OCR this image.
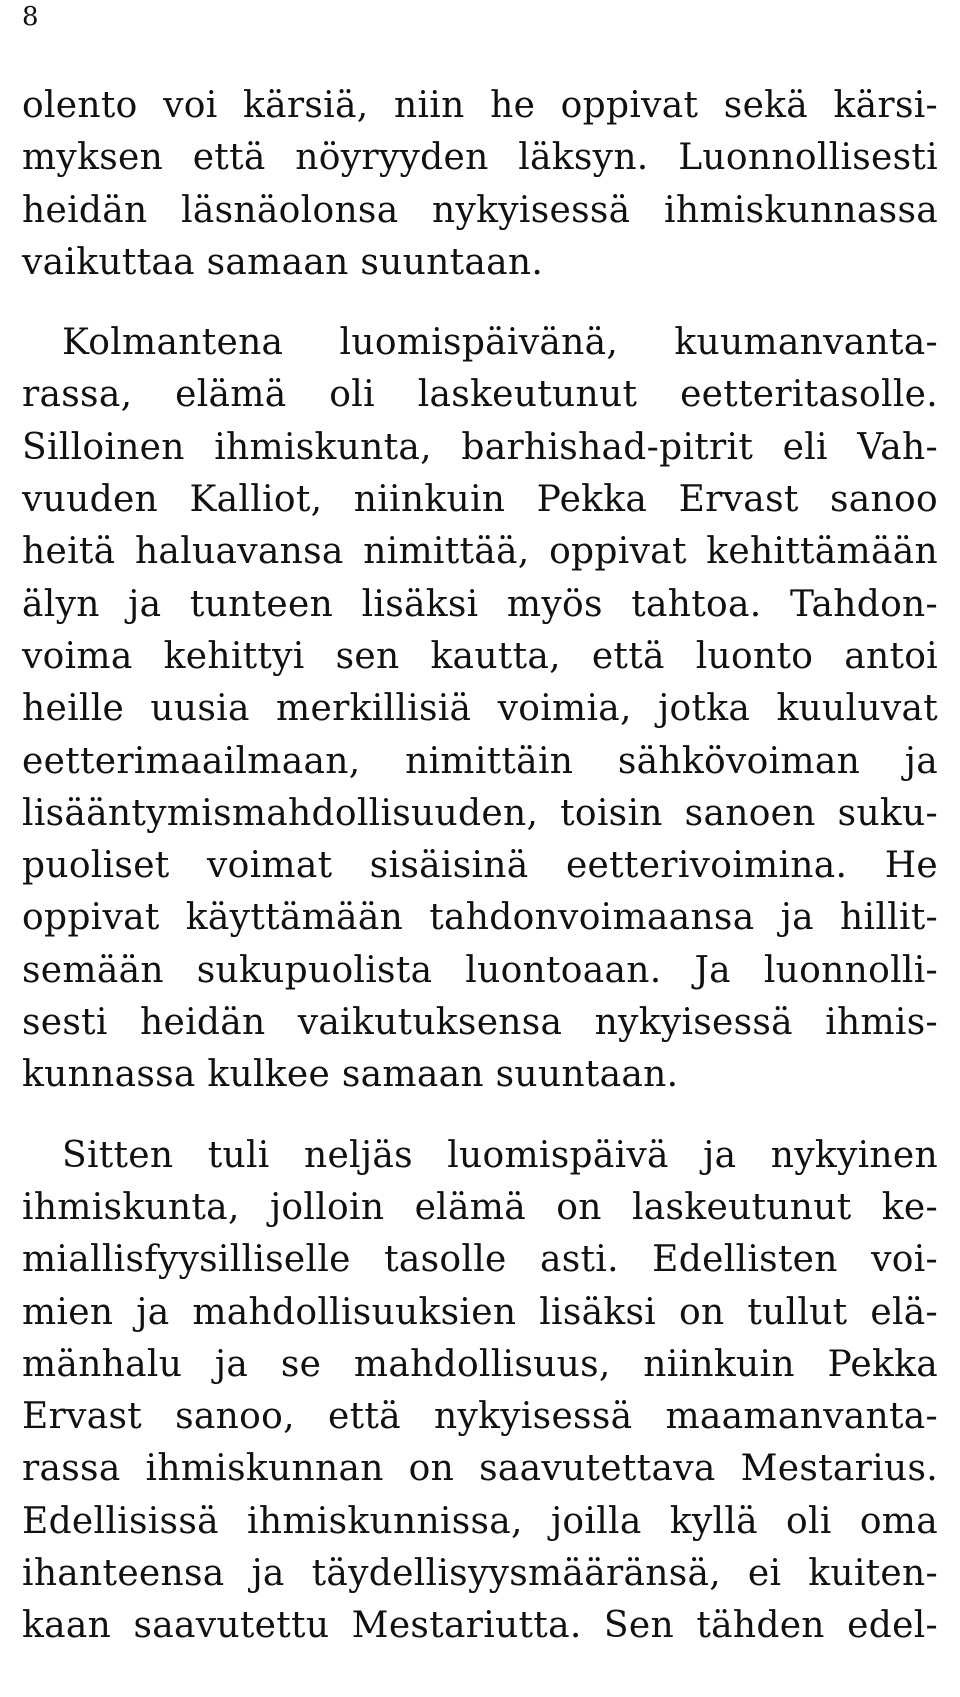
8
olento voi kärsiä, niin he oppivat sekä kärsi-
myksen että nöyryyden läksyn. Luonnollisesti
heidän läsnäolonsa nykyisessä ihmiskunnassa
vaikuttaa samaan suuntaan.
Kolmantena luomispäivänä, kuumanvanta-
rassa, elämä oli laskeutunut eetteritasolle.
Silloinen ihmiskunta, barhishad-pitrit eli Vah-
vuuden Kalliot, niinkuin Pekka Ervast sanoo
heitä haluavansa nimittää, oppivat kehittämään
älyn ja tunteen lisäksi myös tahtoa. Tahdon-
voima kehittyi sen kautta, että luonto antoi
heille uusia merkillisiä voimia, jotka kuuluvat
eetterimaailmaan, nimittäin sähkövoiman ja
lisääntymismahdollisuuden, toisin sanoen suku-
puoliset voimat sisäisinä eetterivoimina. He
oppivat käyttämään tahdonvoimaansa ja hillit-
semään sukupuolista luontoaan. Ja luonnolli-
sesti heidän vaikutuksensa nykyisessä ihmis-
kunnassa kulkee samaan suuntaan.
Sitten tuli neljäs luomispäivä ja nykyinen
ihmiskunta, jolloin elämä on laskeutunut ke-
miallisfyysilliselle tasolle asti. Edellisten voi-
mien ja mahdollisuuksien lisäksi on tullut elä-
mänhalu ja se mahdollisuus, niinkuin Pekka
Ervast sanoo, että nykyisessä maamanvanta-
rassa ihmiskunnan on saavutettava Mestarius.
Edellisissä ihmiskunnissa, joilla kyllä oli oma
ihanteensa ja täydellisyysmääränsä, ei kuiten-
kaan saavutettu Mestariutta. Sen tähden edel-
